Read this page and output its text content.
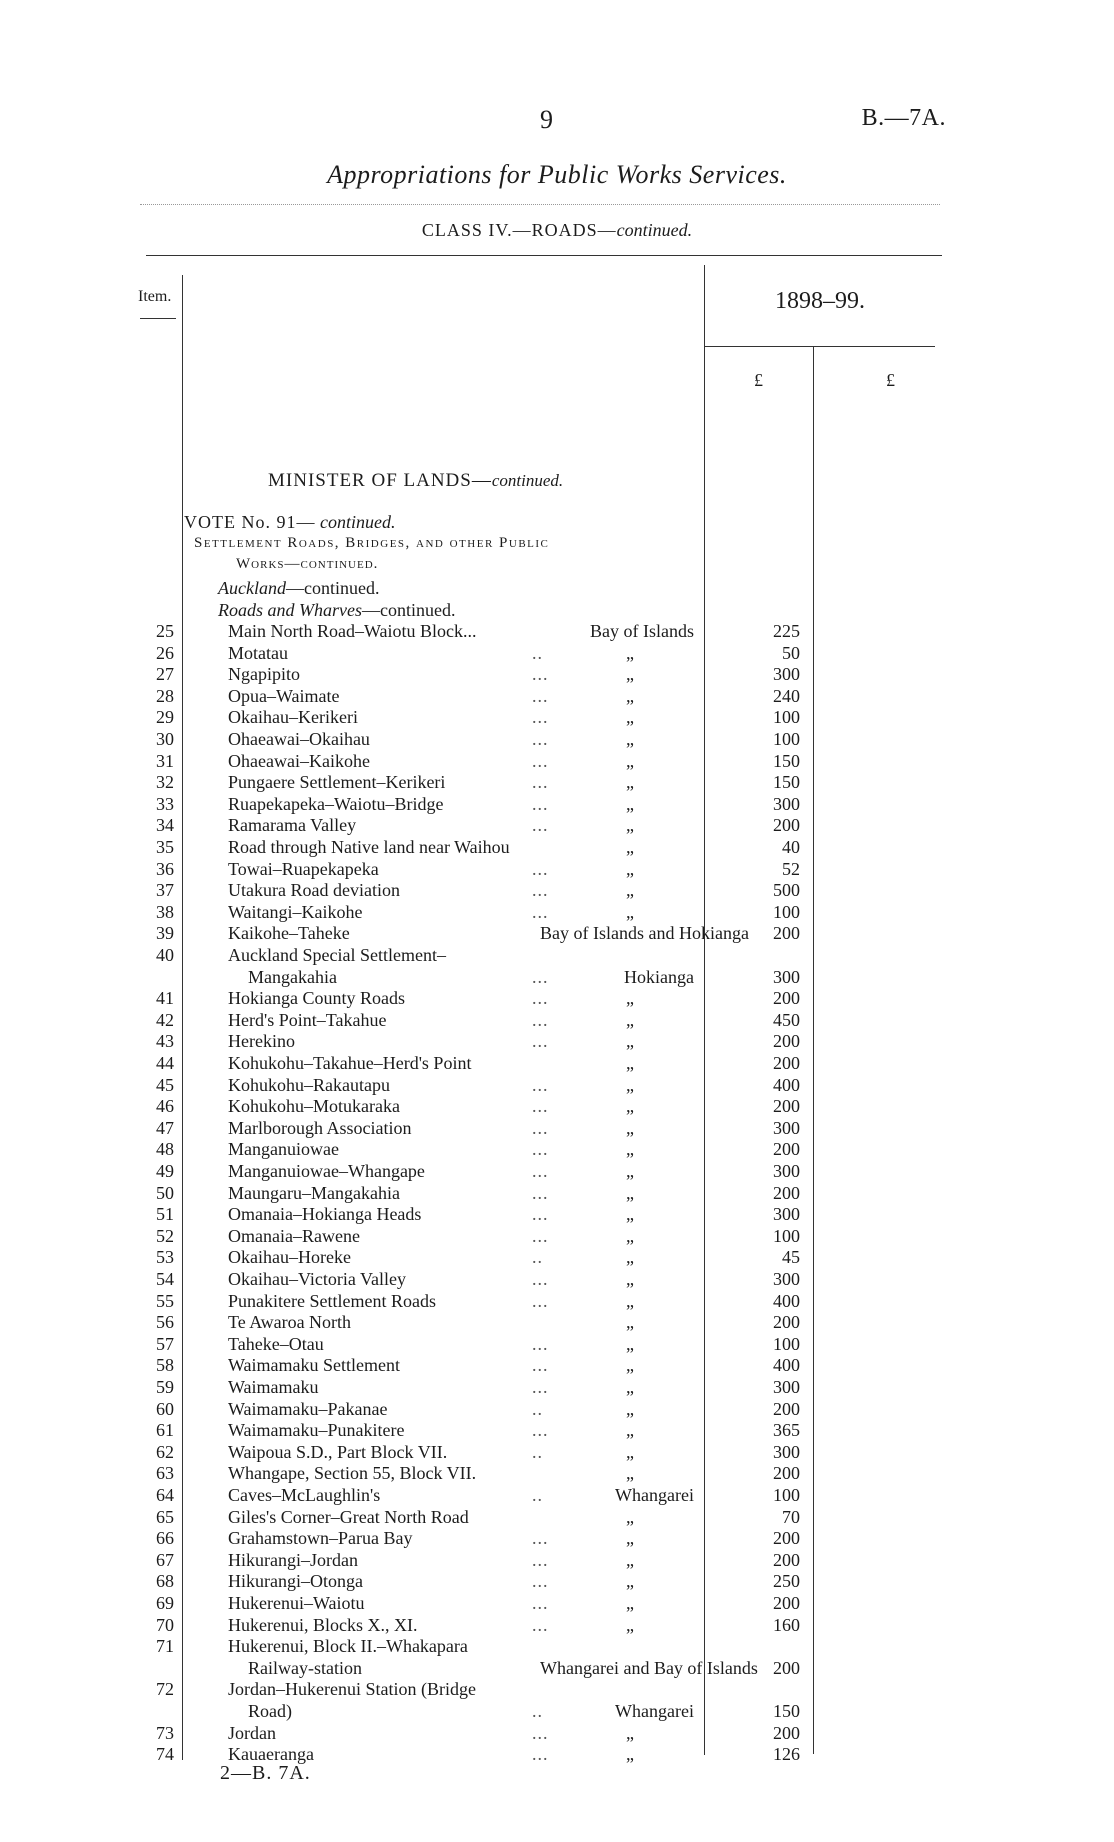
9	B.—7A.
Appropriations for Public Works Services.
CLASS IV.—ROADS—continued.
Item.	1898–99.
£	£
MINISTER OF LANDS—continued.
VOTE No. 91— continued.
Settlement Roads, Bridges, and other Public
Works—continued.
Auckland—continued.
Roads and Wharves—continued.
25	Main North Road–Waiotu Block...	Bay of Islands	225
26	Motatau	..	„	50
27	Ngapipito	...	„	300
28	Opua–Waimate	...	„	240
29	Okaihau–Kerikeri	...	„	100
30	Ohaeawai–Okaihau	...	„	100
31	Ohaeawai–Kaikohe	...	„	150
32	Pungaere Settlement–Kerikeri	...	„	150
33	Ruapekapeka–Waiotu–Bridge	...	„	300
34	Ramarama Valley	...	„	200
35	Road through Native land near Waihou	„	40
36	Towai–Ruapekapeka	...	„	52
37	Utakura Road deviation	...	„	500
38	Waitangi–Kaikohe	...	„	100
39	Kaikohe–Taheke	Bay of Islands and Hokianga	200
40	Auckland Special Settlement–
Mangakahia	...	Hokianga	300
41	Hokianga County Roads	...	„	200
42	Herd's Point–Takahue	...	„	450
43	Herekino	...	„	200
44	Kohukohu–Takahue–Herd's Point	„	200
45	Kohukohu–Rakautapu	...	„	400
46	Kohukohu–Motukaraka	...	„	200
47	Marlborough Association	...	„	300
48	Manganuiowae	...	„	200
49	Manganuiowae–Whangape	...	„	300
50	Maungaru–Mangakahia	...	„	200
51	Omanaia–Hokianga Heads	...	„	300
52	Omanaia–Rawene	...	„	100
53	Okaihau–Horeke	..	„	45
54	Okaihau–Victoria Valley	...	„	300
55	Punakitere Settlement Roads	...	„	400
56	Te Awaroa North	„	200
57	Taheke–Otau	...	„	100
58	Waimamaku Settlement	...	„	400
59	Waimamaku	...	„	300
60	Waimamaku–Pakanae	..	„	200
61	Waimamaku–Punakitere	...	„	365
62	Waipoua S.D., Part Block VII.	..	„	300
63	Whangape, Section 55, Block VII.	„	200
64	Caves–McLaughlin's	..	Whangarei	100
65	Giles's Corner–Great North Road	„	70
66	Grahamstown–Parua Bay	...	„	200
67	Hikurangi–Jordan	...	„	200
68	Hikurangi–Otonga	...	„	250
69	Hukerenui–Waiotu	...	„	200
70	Hukerenui, Blocks X., XI.	...	„	160
71	Hukerenui, Block II.–Whakapara
Railway-station	Whangarei and Bay of Islands 200
72	Jordan–Hukerenui Station (Bridge
Road)	..	Whangarei	150
73	Jordan	...	„	200
74	Kauaeranga	...	„	126
2—B. 7A.
